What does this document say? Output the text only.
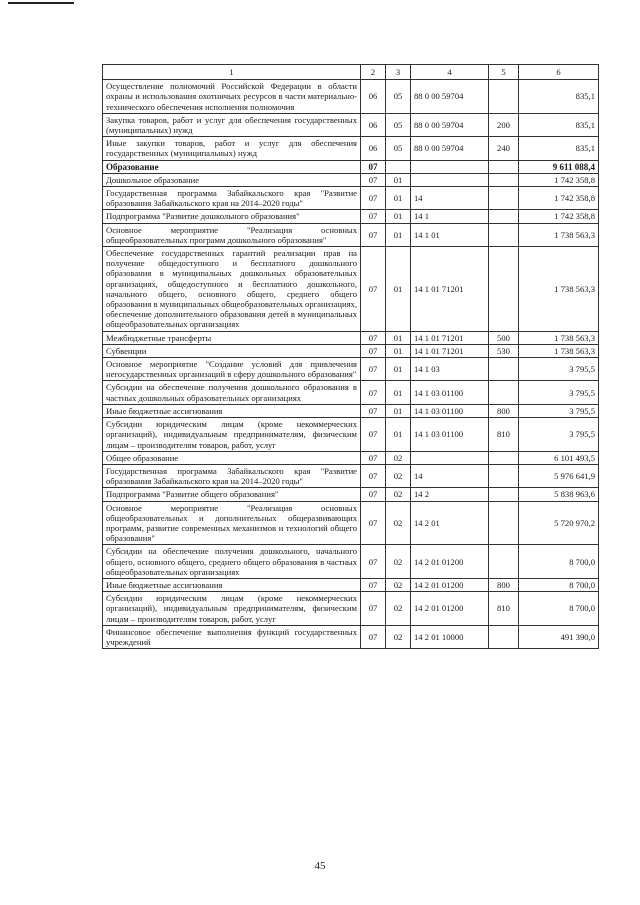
1	2	3	4	5	6
Осуществление полномочий Российской Федерации в области охраны и использования охотничьих ресурсов в части материально-технического обеспечения исполнения полномочия	06	05	88 0 00 59704		835,1
Закупка товаров, работ и услуг для обеспечения государственных (муниципальных) нужд	06	05	88 0 00 59704	200	835,1
Иные закупки товаров, работ и услуг для обеспечения государственных (муниципальных) нужд	06	05	88 0 00 59704	240	835,1
Образование	07				9 611 088,4
Дошкольное образование	07	01			1 742 358,8
Государственная программа Забайкальского края "Развитие образования Забайкальского края на 2014–2020 годы"	07	01	14		1 742 358,8
Подпрограмма "Развитие дошкольного образования"	07	01	14 1		1 742 358,8
Основное мероприятие "Реализация основных общеобразовательных программ дошкольного образования"	07	01	14 1 01		1 738 563,3
Обеспечение государственных гарантий реализации прав на получение общедоступного и бесплатного дошкольного образования в муниципальных дошкольных образовательных организациях, общедоступного и бесплатного дошкольного, начального общего, основного общего, среднего общего образования в муниципальных общеобразовательных организациях, обеспечение дополнительного образования детей в муниципальных общеобразовательных организациях	07	01	14 1 01 71201		1 738 563,3
Межбюджетные трансферты	07	01	14 1 01 71201	500	1 738 563,3
Субвенции	07	01	14 1 01 71201	530	1 738 563,3
Основное мероприятие "Создание условий для привлечения негосударственных организаций в сферу дошкольного образования"	07	01	14 1 03		3 795,5
Субсидии на обеспечение получения дошкольного образования в частных дошкольных образовательных организациях	07	01	14 1 03 01100		3 795,5
Иные бюджетные ассигнования	07	01	14 1 03 01100	800	3 795,5
Субсидии юридическим лицам (кроме некоммерческих организаций), индивидуальным предпринимателям, физическим лицам – производителям товаров, работ, услуг	07	01	14 1 03 01100	810	3 795,5
Общее образование	07	02			6 101 493,5
Государственная программа Забайкальского края "Развитие образования Забайкальского края на 2014–2020 годы"	07	02	14		5 976 641,9
Подпрограмма "Развитие общего образования"	07	02	14 2		5 838 963,6
Основное мероприятие "Реализация основных общеобразовательных и дополнительных общеразвивающих программ, развитие современных механизмов и технологий общего образования"	07	02	14 2 01		5 720 970,2
Субсидии на обеспечение получения дошкольного, начального общего, основного общего, среднего общего образования в частных общеобразовательных организациях	07	02	14 2 01 01200		8 700,0
Иные бюджетные ассигнования	07	02	14 2 01 01200	800	8 700,0
Субсидии юридическим лицам (кроме некоммерческих организаций), индивидуальным предпринимателям, физическим лицам – производителям товаров, работ, услуг	07	02	14 2 01 01200	810	8 700,0
Финансовое обеспечение выполнения функций государственных учреждений	07	02	14 2 01 10000		491 390,0
45
